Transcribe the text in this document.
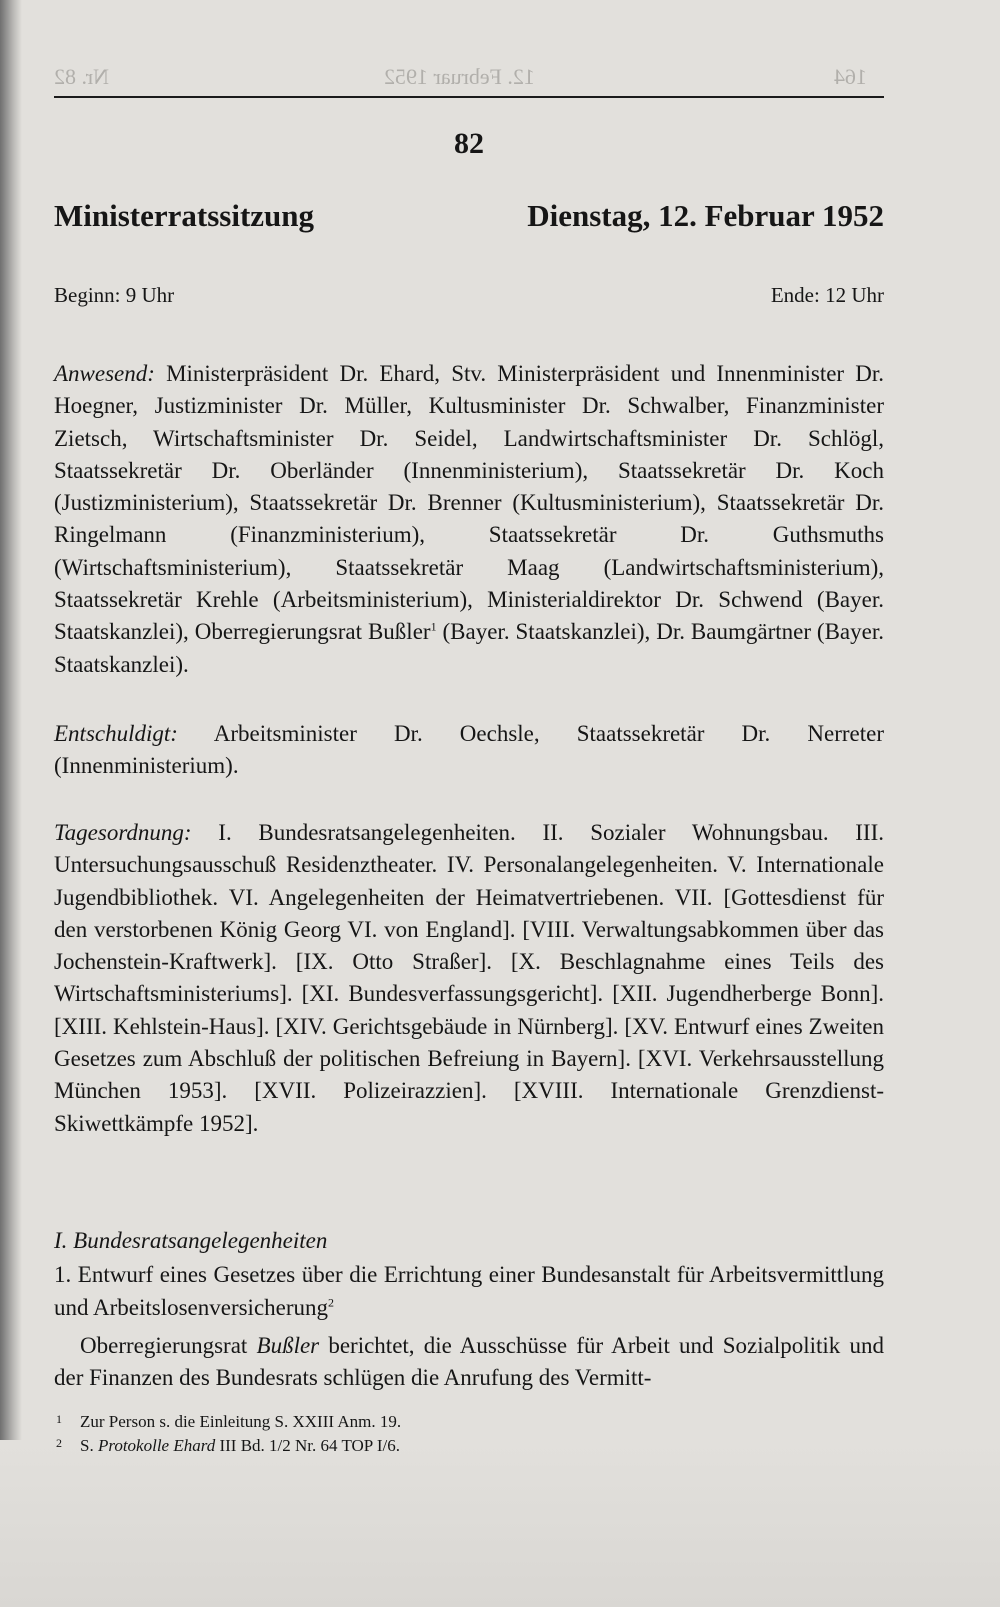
Nr. 82	12. Februar 1952	164
82
Ministerratssitzung	Dienstag, 12. Februar 1952
Beginn: 9 Uhr	Ende: 12 Uhr

Anwesend: Ministerpräsident Dr. Ehard, Stv. Ministerpräsident und Innenminister Dr. Hoegner, Justizminister Dr. Müller, Kultusminister Dr. Schwalber, Finanzminister Zietsch, Wirtschaftsminister Dr. Seidel, Landwirtschaftsminister Dr. Schlögl, Staatssekretär Dr. Oberländer (Innenministerium), Staatssekretär Dr. Koch (Justizministerium), Staatssekretär Dr. Brenner (Kultusministerium), Staatssekretär Dr. Ringelmann (Finanzministerium), Staatssekretär Dr. Guthsmuths (Wirtschaftsministerium), Staatssekretär Maag (Landwirtschaftsministerium), Staatssekretär Krehle (Arbeitsministerium), Ministerialdirektor Dr. Schwend (Bayer. Staatskanzlei), Oberregierungsrat Bußler$^1$ (Bayer. Staatskanzlei), Dr. Baumgärtner (Bayer. Staatskanzlei).

Entschuldigt: Arbeitsminister Dr. Oechsle, Staatssekretär Dr. Nerreter (Innenministerium).

Tagesordnung: I. Bundesratsangelegenheiten. II. Sozialer Wohnungsbau. III. Untersuchungsausschuß Residenztheater. IV. Personalangelegenheiten. V. Internationale Jugendbibliothek. VI. Angelegenheiten der Heimatvertriebenen. VII. [Gottesdienst für den verstorbenen König Georg VI. von England]. [VIII. Verwaltungsabkommen über das Jochenstein-Kraftwerk]. [IX. Otto Straßer]. [X. Beschlagnahme eines Teils des Wirtschaftsministeriums]. [XI. Bundesverfassungsgericht]. [XII. Jugendherberge Bonn]. [XIII. Kehlstein-Haus]. [XIV. Gerichtsgebäude in Nürnberg]. [XV. Entwurf eines Zweiten Gesetzes zum Abschluß der politischen Befreiung in Bayern]. [XVI. Verkehrsausstellung München 1953]. [XVII. Polizeirazzien]. [XVIII. Internationale Grenzdienst-Skiwettkämpfe 1952].

I. Bundesratsangelegenheiten

1. Entwurf eines Gesetzes über die Errichtung einer Bundesanstalt für Arbeitsvermittlung und Arbeitslosenversicherung$^2$

Oberregierungsrat Bußler berichtet, die Ausschüsse für Arbeit und Sozialpolitik und der Finanzen des Bundesrats schlügen die Anrufung des Vermitt-

1 Zur Person s. die Einleitung S. XXIII Anm. 19.
2 S. Protokolle Ehard III Bd. 1/2 Nr. 64 TOP I/6.
